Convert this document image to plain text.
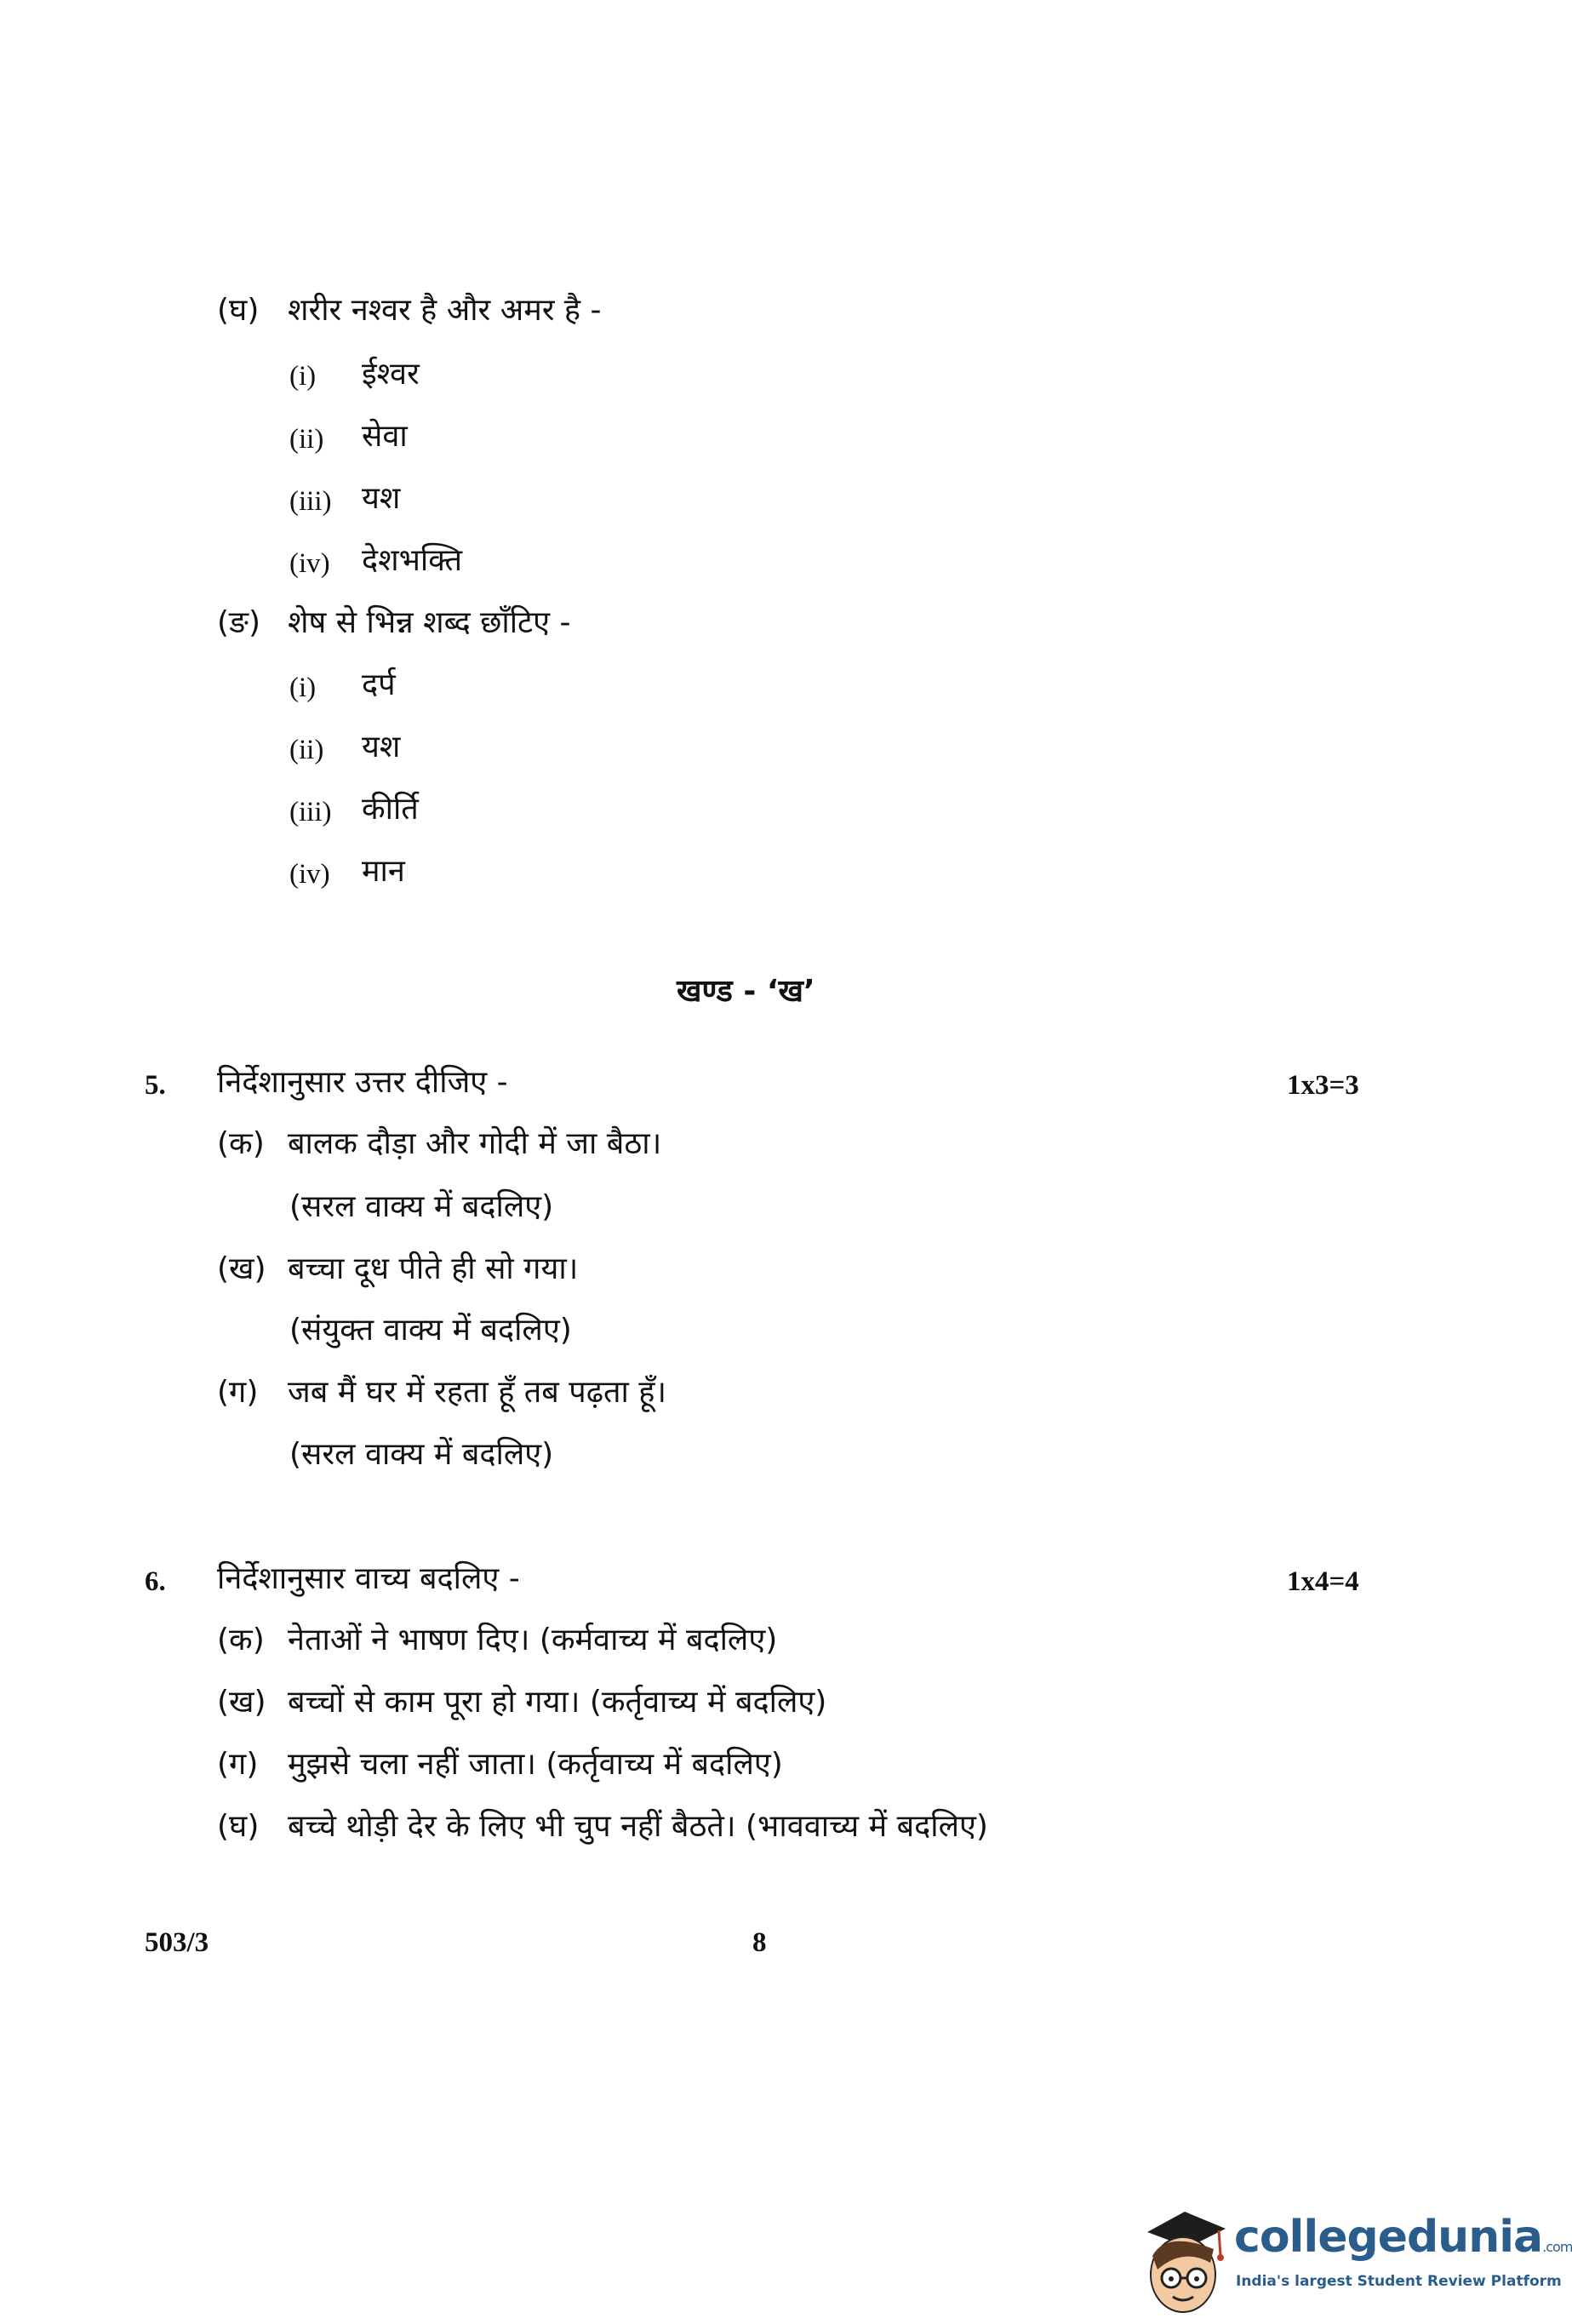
(घ) शरीर नश्वर है और अमर है -
(i) ईश्वर
(ii) सेवा
(iii) यश
(iv) देशभक्ति
(ङ) शेष से भिन्न शब्द छाँटिए -
(i) दर्प
(ii) यश
(iii) कीर्ति
(iv) मान
खण्ड - ‘ख’
5. निर्देशानुसार उत्तर दीजिए -	1x3=3
(क) बालक दौड़ा और गोदी में जा बैठा।
(सरल वाक्य में बदलिए)
(ख) बच्चा दूध पीते ही सो गया।
(संयुक्त वाक्य में बदलिए)
(ग) जब मैं घर में रहता हूँ तब पढ़ता हूँ।
(सरल वाक्य में बदलिए)
6. निर्देशानुसार वाच्य बदलिए -	1x4=4
(क) नेताओं ने भाषण दिए। (कर्मवाच्य में बदलिए)
(ख) बच्चों से काम पूरा हो गया। (कर्तृवाच्य में बदलिए)
(ग) मुझसे चला नहीं जाता। (कर्तृवाच्य में बदलिए)
(घ) बच्चे थोड़ी देर के लिए भी चुप नहीं बैठते। (भाववाच्य में बदलिए)
503/3	8
collegedunia.com
India's largest Student Review Platform
